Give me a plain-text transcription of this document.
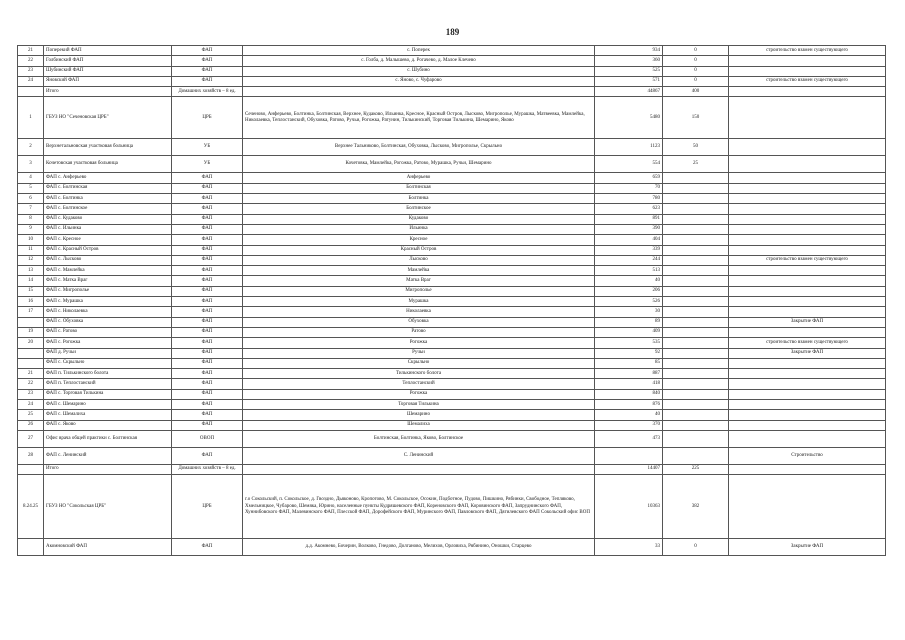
189
21	Поперекий ФАП	ФАП	с. Поперек	934	0	строительство взамен существующего
22	Голбинский ФАП	ФАП	с. Голба, д. Малышево, д. Рогачево, д. Малое Клечево	360	0	
23	Шубинский ФАП	ФАП	с. Шубино	525	0	
24	Яновский ФАП	ФАП	с. Яново, с. Чуфарово	571	0	строительство взамен существующего
	Итого	Домашних хозяйств – 8 ед.		44867	400	
1	ГБУЗ НО "Сеченовская ЦРБ"	ЦРБ	Сеченово, Анферьево, Болтинка, Болтинская, Верхнее, Кудаково, Ильинка, Кресное, Красный Остров, Лысково, Мигрополье, Мурашка, Матвеевка, Мамлейка, Николаевка, Теплостанский, Обуховка, Ратово, Ручьи, Рогожка, Ратунин, Тилькинский, Торговая Тилькина, Шемарино, Яково	5480	150	
2	Верхнетальновская участковая больница	УБ	Верхнее Тальниково, Болтинская, Обуховка, Лысково, Мигрополье, Скрыльно	1123	50	
3	Кочетовская участковая больница	УБ	Кочетовка, Мамлейка, Рогожка, Ратово, Мурашка, Ручьи, Шемарино	554	25	
4	ФАП с. Анферьево	ФАП	Анферьево	659		
5	ФАП с. Болтинская	ФАП	Болтинская	70		
6	ФАП с. Болтинка	ФАП	Болтинка	780		
7	ФАП с. Болтинское	ФАП	Болтинское	623		
8	ФАП с. Кудаково	ФАП	Кудаково	891		
9	ФАП с. Ильинка	ФАП	Ильинка	390		
10	ФАП с. Кресное	ФАП	Кресное	404		
11	ФАП с. Красный Остров	ФАП	Красный Остров	339		
12	ФАП с. Лысково	ФАП	Лысково	244		строительство взамен существующего
13	ФАП с. Мамлейка	ФАП	Мамлейка	513		
14	ФАП с. Матка Враг	ФАП	Матка Враг	40		
15	ФАП с. Мигрополье	ФАП	Мигрополье	206		
16	ФАП с. Мурашка	ФАП	Мурашка	526		
17	ФАП с. Николаевка	ФАП	Николаевка	30		
	ФАП с. Обуховка	ФАП	Обуховка	89		Закрытие ФАП
19	ФАП с. Ратово	ФАП	Ратово	409		
20	ФАП с. Рогожка	ФАП	Рогожка	535		строительство взамен существующего
	ФАП д. Ручьи	ФАП	Ручьи	92		Закрытие ФАП
	ФАП с. Скрыльно	ФАП	Скрыльно	85		
21	ФАП п. Тилькинского болота	ФАП	Тилькинского болота	887		
22	ФАП п. Теплостанский	ФАП	Теплостанский	418		
23	ФАП с. Торговая Тилькина	ФАП	Рогожка	840		
24	ФАП с. Шемарино	ФАП	Торговая Тилькина	876		
25	ФАП с. Шемалиха	ФАП	Шемарино	40		
26	ФАП с. Яково	ФАП	Шемалиха	370		
27	Офис врача общей практики с. Болтинская	ОВОП	Болтинская, Болтинка, Яково, Болтинское	473		
28	ФАП с. Ленинский	ФАП	С. Ленинский			Строительство
	Итого	Домашних хозяйств – 8 ед.		14407	225	
8.24.25	ГБУЗ НО "Сокольская ЦРБ"	ЦРБ	г.о Сокольский, п. Сокольское, д. Гвоздно, Дьяконово, Кропотово, М. Сокольское, Осокин, Подботное, Пудово, Пишкино, Рябинки, Свободное, Тепляково, Хмельницкое, Чубарово, Шемяка, Юрино, населенные пункты Кудряшевского ФАП, Кореновского ФАП, Коровинского ФАП, Запруднинского ФАП, Хуннибовского ФАП, Малевинского ФАП, Плесской ФАП, Дорофейского ФАП, Муринского ФАП, Павловского ФАП, Дягилевского ФАП Сокольский офис ВОП	10363	382	
	Акомновский ФАП	ФАП	д.д. Акомнево, Бочерин, Волково, Гнедово, Долганово, Мелихов, Орловиха, Рябинино, Оношки, Старцево	33	0	Закрытие ФАП
